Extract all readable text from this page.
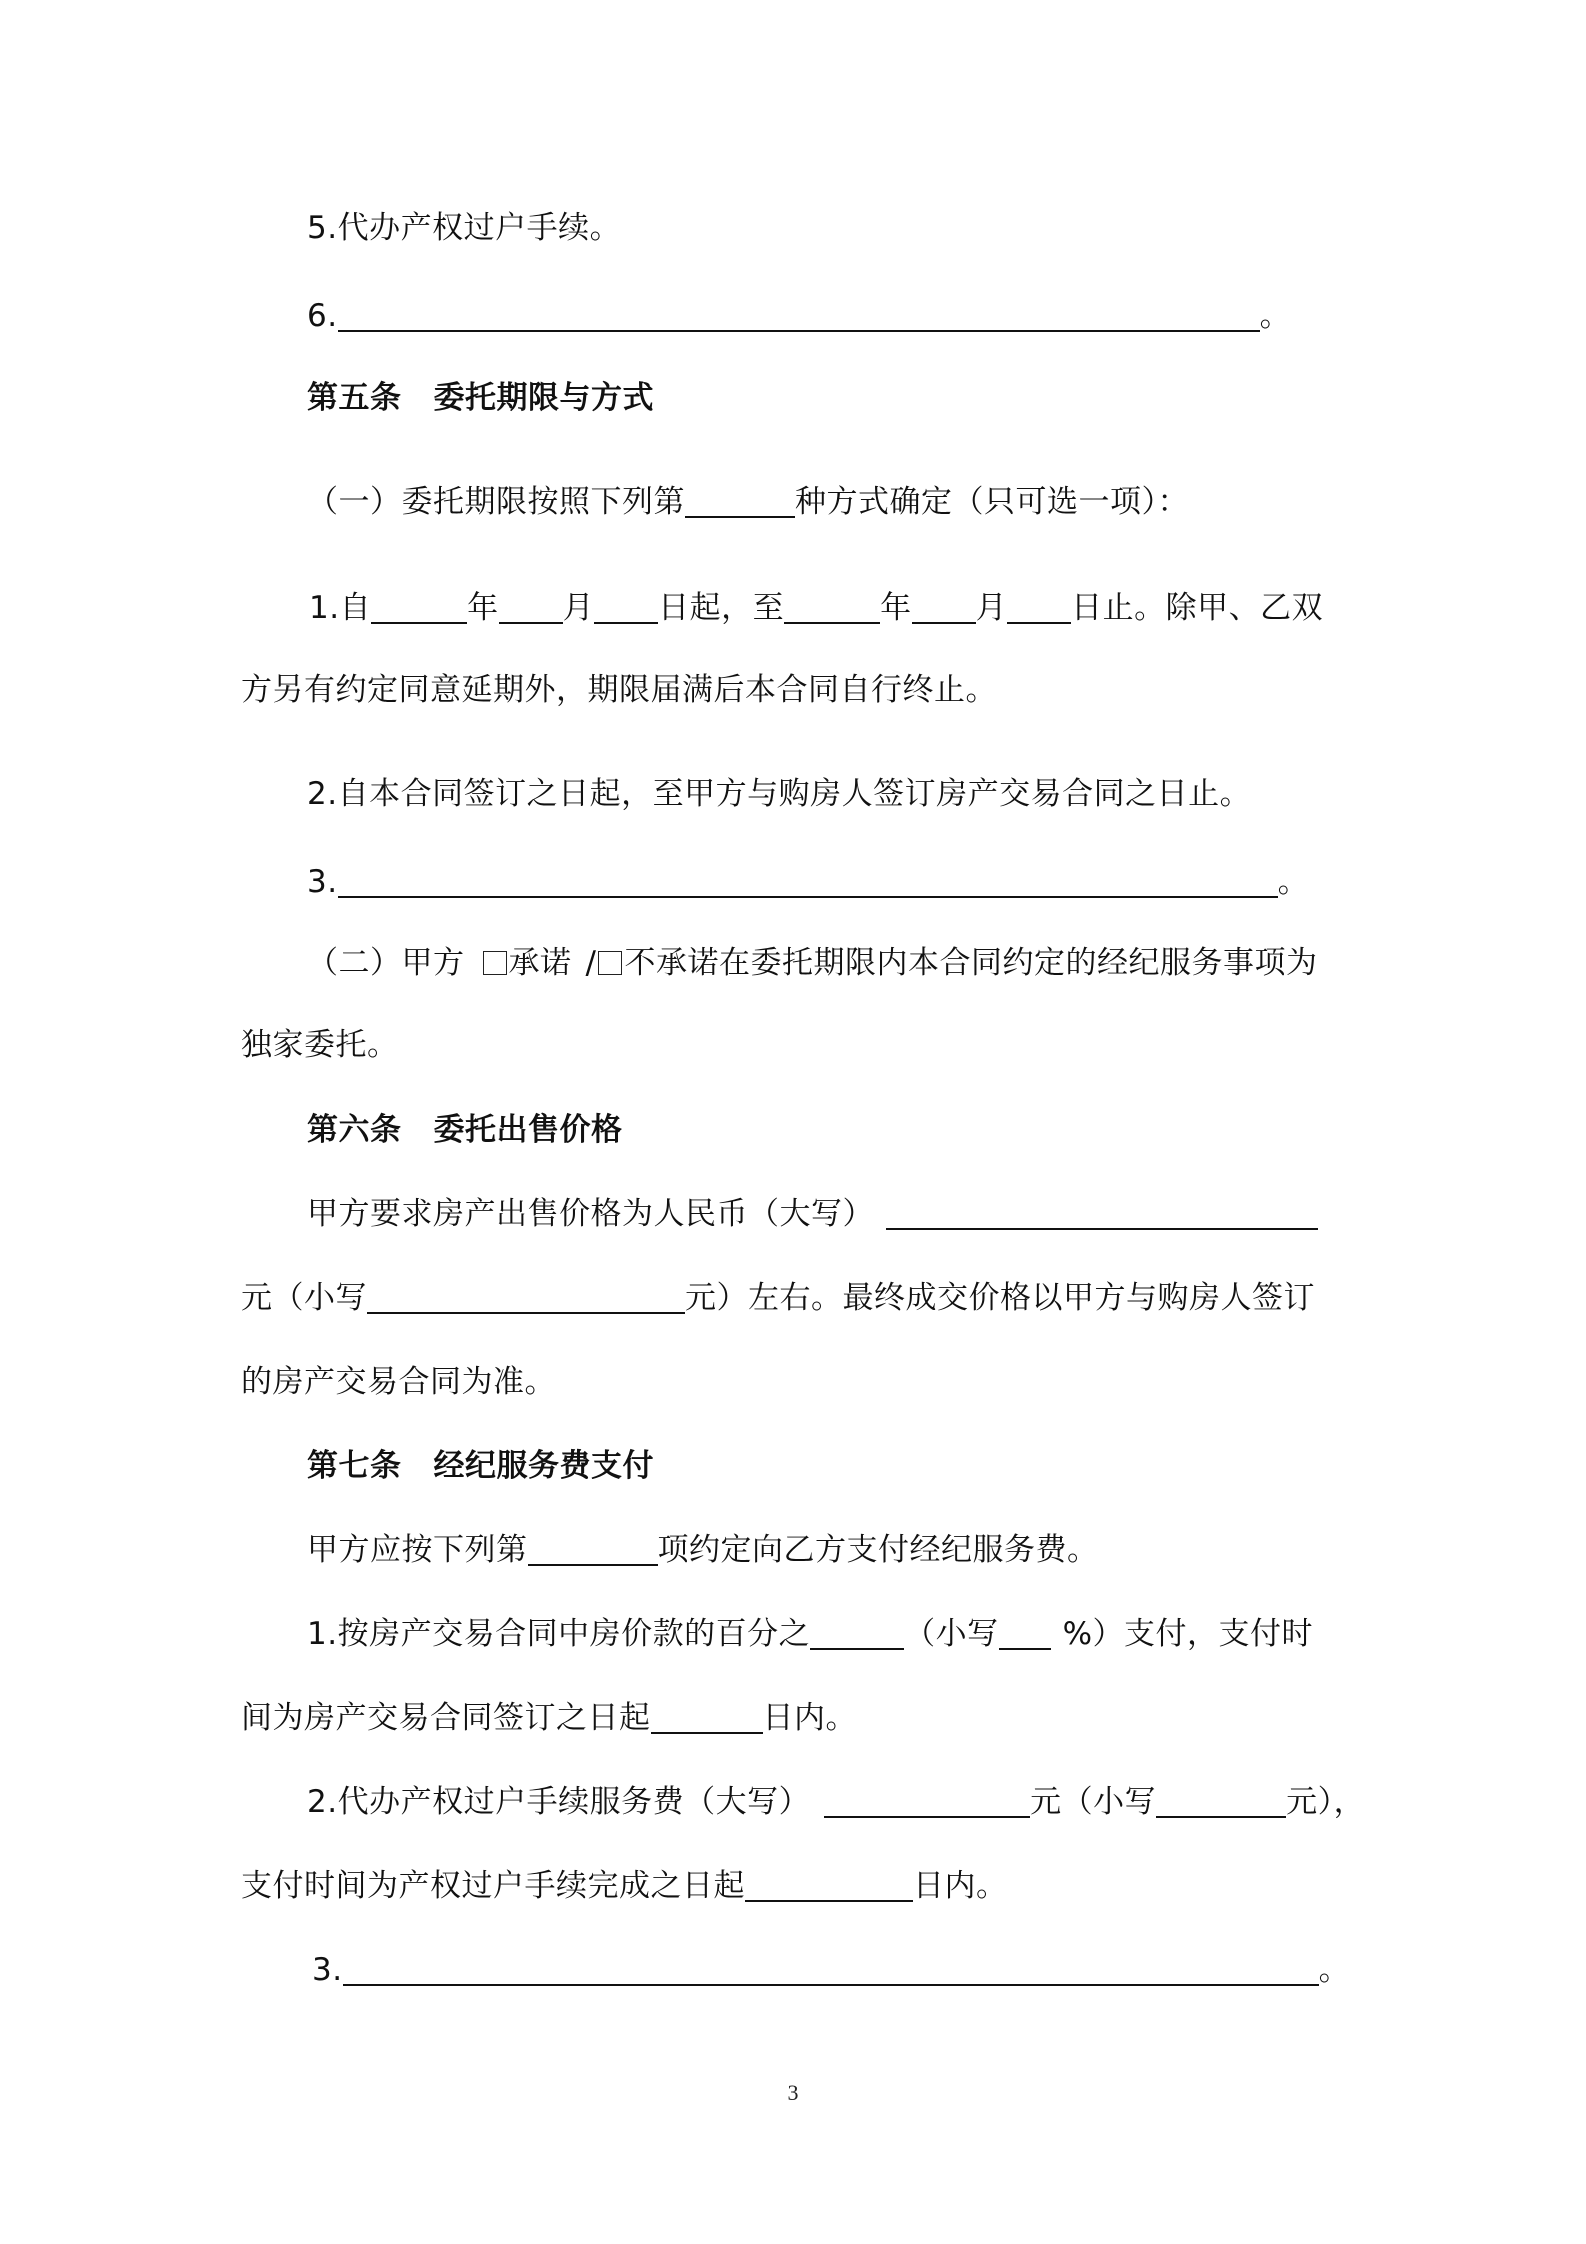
5.代办产权过户手续。
6.	。
第五条 委托期限与方式
（一）委托期限按照下列第	种方式确定（只可选一项）：
1.自	年 月 日起，至	年 月 日止。除甲、乙双
方另有约定同意延期外，期限届满后本合同自行终止。
2.自本合同签订之日起，至甲方与购房人签订房产交易合同之日止。
3.	。
（二）甲方 承诺 / 不承诺在委托期限内本合同约定的经纪服务事项为
独家委托。
第六条 委托出售价格
甲方要求房产出售价格为人民币（大写）
元（小写	元）左右。最终成交价格以甲方与购房人签订
的房产交易合同为准。
第七条 经纪服务费支付
甲方应按下列第	项约定向乙方支付经纪服务费。
1.按房产交易合同中房价款的百分之	（小写 %）支付，支付时
间为房产交易合同签订之日起	日内。
2.代办产权过户手续服务费（大写）	元（小写	元），
支付时间为产权过户手续完成之日起	日内。
3.	。
3
